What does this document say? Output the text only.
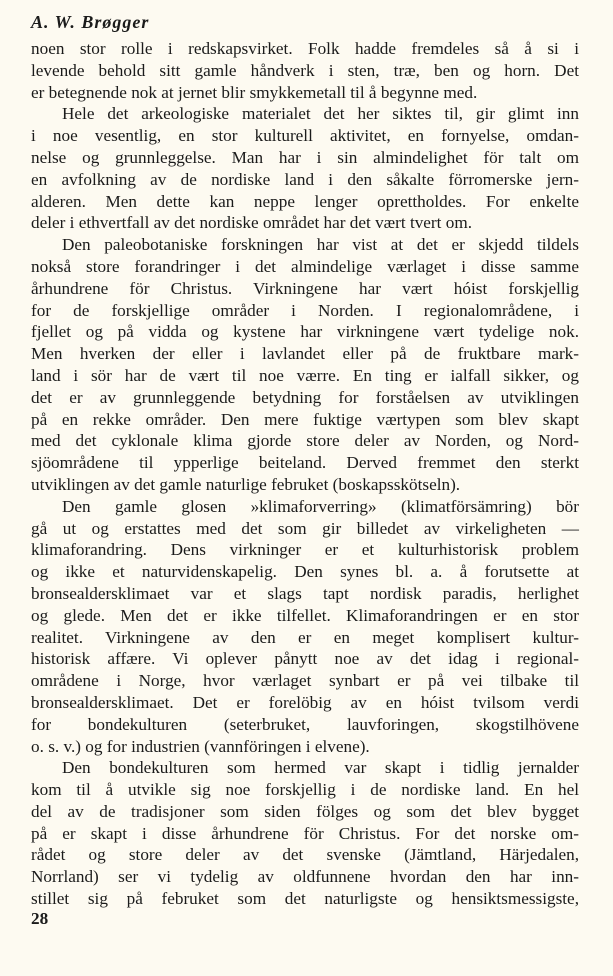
A. W. Brøgger
noen stor rolle i redskapsvirket. Folk hadde fremdeles så å si i
levende behold sitt gamle håndverk i sten, træ, ben og horn. Det
er betegnende nok at jernet blir smykkemetall til å begynne med.
Hele det arkeologiske materialet det her siktes til, gir glimt inn
i noe vesentlig, en stor kulturell aktivitet, en fornyelse, omdan-
nelse og grunnleggelse. Man har i sin almindelighet för talt om
en avfolkning av de nordiske land i den såkalte förromerske jern-
alderen. Men dette kan neppe lenger oprettholdes. For enkelte
deler i ethvertfall av det nordiske området har det vært tvert om.
Den paleobotaniske forskningen har vist at det er skjedd tildels
nokså store forandringer i det almindelige værlaget i disse samme
århundrene för Christus. Virkningene har vært hóist forskjellig
for de forskjellige områder i Norden. I regionalområdene, i
fjellet og på vidda og kystene har virkningene vært tydelige nok.
Men hverken der eller i lavlandet eller på de fruktbare mark-
land i sör har de vært til noe værre. En ting er ialfall sikker, og
det er av grunnleggende betydning for forståelsen av utviklingen
på en rekke områder. Den mere fuktige værtypen som blev skapt
med det cyklonale klima gjorde store deler av Norden, og Nord-
sjöområdene til ypperlige beiteland. Derved fremmet den sterkt
utviklingen av det gamle naturlige februket (boskapsskötseln).
Den gamle glosen »klimaforverring» (klimatförsämring) bör
gå ut og erstattes med det som gir billedet av virkeligheten —
klimaforandring. Dens virkninger er et kulturhistorisk problem
og ikke et naturvidenskapelig. Den synes bl. a. å forutsette at
bronsealdersklimaet var et slags tapt nordisk paradis, herlighet
og glede. Men det er ikke tilfellet. Klimaforandringen er en stor
realitet. Virkningene av den er en meget komplisert kultur-
historisk affære. Vi oplever pånytt noe av det idag i regional-
områdene i Norge, hvor værlaget synbart er på vei tilbake til
bronsealdersklimaet. Det er forelöbig av en hóist tvilsom verdi
for bondekulturen (seterbruket, lauvforingen, skogstilhövene
o. s. v.) og for industrien (vannföringen i elvene).
Den bondekulturen som hermed var skapt i tidlig jernalder
kom til å utvikle sig noe forskjellig i de nordiske land. En hel
del av de tradisjoner som siden fölges og som det blev bygget
på er skapt i disse århundrene för Christus. For det norske om-
rådet og store deler av det svenske (Jämtland, Härjedalen,
Norrland) ser vi tydelig av oldfunnene hvordan den har inn-
stillet sig på februket som det naturligste og hensiktsmessigste,
28
